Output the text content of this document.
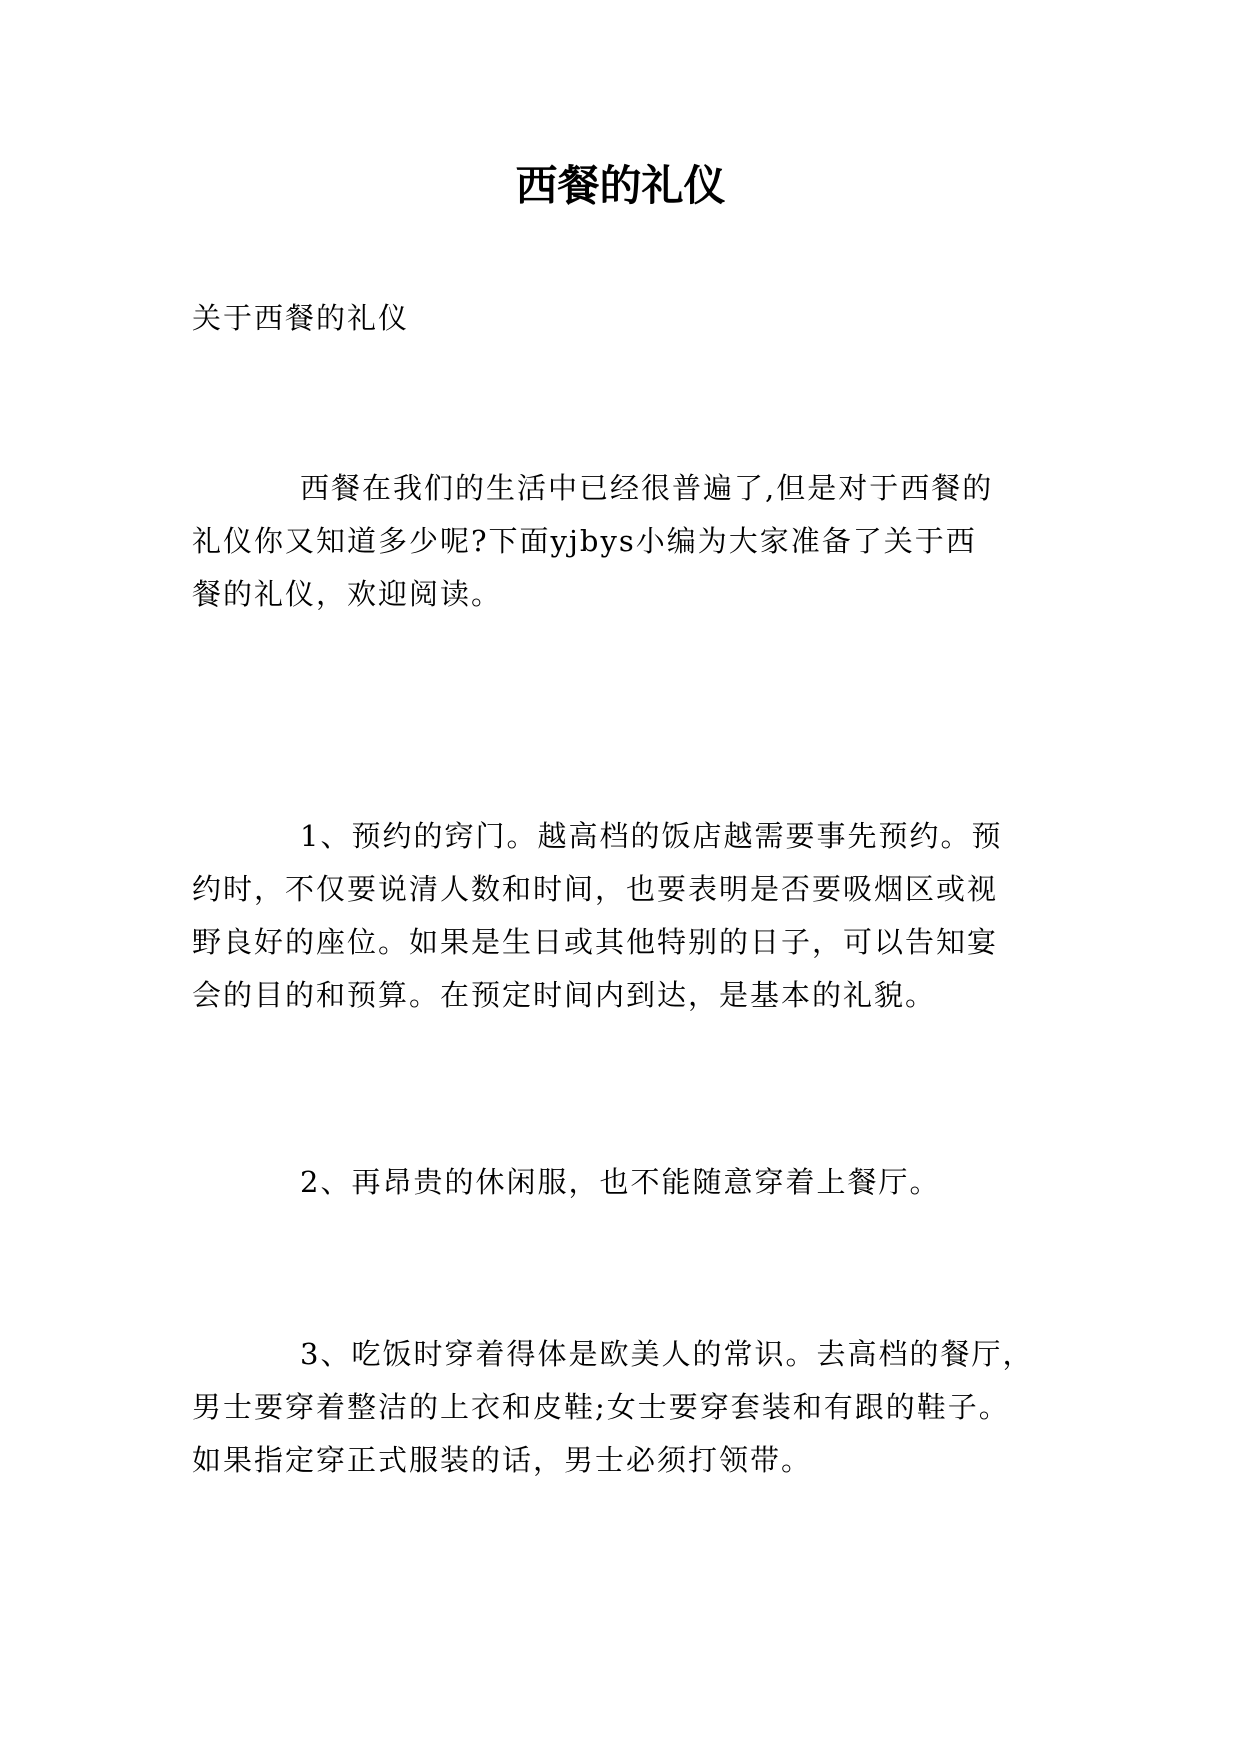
西餐的礼仪

关于西餐的礼仪

西餐在我们的生活中已经很普遍了,但是对于西餐的
礼仪你又知道多少呢?下面yjbys小编为大家准备了关于西
餐的礼仪，欢迎阅读。

1、预约的窍门。越高档的饭店越需要事先预约。预
约时，不仅要说清人数和时间，也要表明是否要吸烟区或视
野良好的座位。如果是生日或其他特别的日子，可以告知宴
会的目的和预算。在预定时间内到达，是基本的礼貌。

2、再昂贵的休闲服，也不能随意穿着上餐厅。

3、吃饭时穿着得体是欧美人的常识。去高档的餐厅，
男士要穿着整洁的上衣和皮鞋;女士要穿套装和有跟的鞋子。
如果指定穿正式服装的话，男士必须打领带。
